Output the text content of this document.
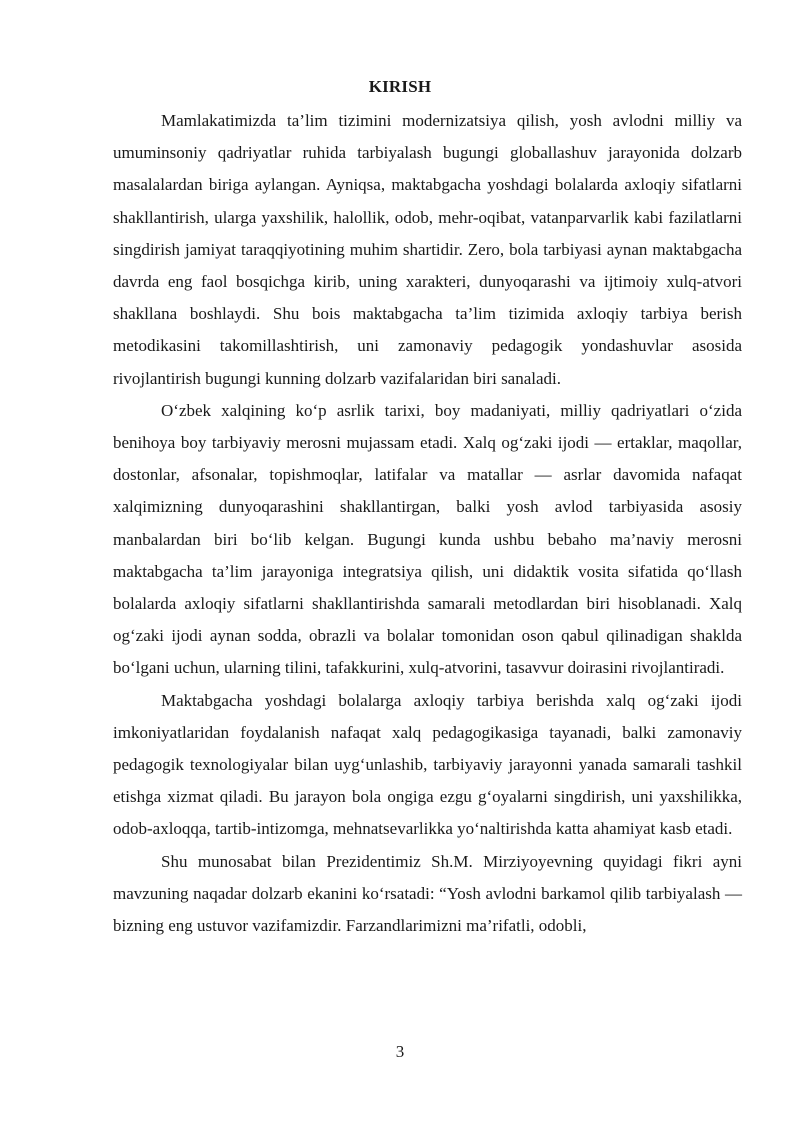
KIRISH

Mamlakatimizda ta’lim tizimini modernizatsiya qilish, yosh avlodni milliy va umuminsoniy qadriyatlar ruhida tarbiyalash bugungi globallashuv jarayonida dolzarb masalalardan biriga aylangan. Ayniqsa, maktabgacha yoshdagi bolalarda axloqiy sifatlarni shakllantirish, ularga yaxshilik, halollik, odob, mehr-oqibat, vatanparvarlik kabi fazilatlarni singdirish jamiyat taraqqiyotining muhim shartidir. Zero, bola tarbiyasi aynan maktabgacha davrda eng faol bosqichga kirib, uning xarakteri, dunyoqarashi va ijtimoiy xulq-atvori shakllana boshlaydi. Shu bois maktabgacha ta’lim tizimida axloqiy tarbiya berish metodikasini takomillashtirish, uni zamonaviy pedagogik yondashuvlar asosida rivojlantirish bugungi kunning dolzarb vazifalaridan biri sanaladi.

O‘zbek xalqining ko‘p asrlik tarixi, boy madaniyati, milliy qadriyatlari o‘zida benihoya boy tarbiyaviy merosni mujassam etadi. Xalq og‘zaki ijodi — ertaklar, maqollar, dostonlar, afsonalar, topishmoqlar, latifalar va matallar — asrlar davomida nafaqat xalqimizning dunyoqarashini shakllantirgan, balki yosh avlod tarbiyasida asosiy manbalardan biri bo‘lib kelgan. Bugungi kunda ushbu bebaho ma’naviy merosni maktabgacha ta’lim jarayoniga integratsiya qilish, uni didaktik vosita sifatida qo‘llash bolalarda axloqiy sifatlarni shakllantirishda samarali metodlardan biri hisoblanadi. Xalq og‘zaki ijodi aynan sodda, obrazli va bolalar tomonidan oson qabul qilinadigan shaklda bo‘lgani uchun, ularning tilini, tafakkurini, xulq-atvorini, tasavvur doirasini rivojlantiradi.

Maktabgacha yoshdagi bolalarga axloqiy tarbiya berishda xalq og‘zaki ijodi imkoniyatlaridan foydalanish nafaqat xalq pedagogikasiga tayanadi, balki zamonaviy pedagogik texnologiyalar bilan uyg‘unlashib, tarbiyaviy jarayonni yanada samarali tashkil etishga xizmat qiladi. Bu jarayon bola ongiga ezgu g‘oyalarni singdirish, uni yaxshilikka, odob-axloqqa, tartib-intizomga, mehnatsevarlikka yo‘naltirishda katta ahamiyat kasb etadi.

Shu munosabat bilan Prezidentimiz Sh.M. Mirziyoyevning quyidagi fikri ayni mavzuning naqadar dolzarb ekanini ko‘rsatadi: “Yosh avlodni barkamol qilib tarbiyalash — bizning eng ustuvor vazifamizdir. Farzandlarimizni ma’rifatli, odobli,

3
